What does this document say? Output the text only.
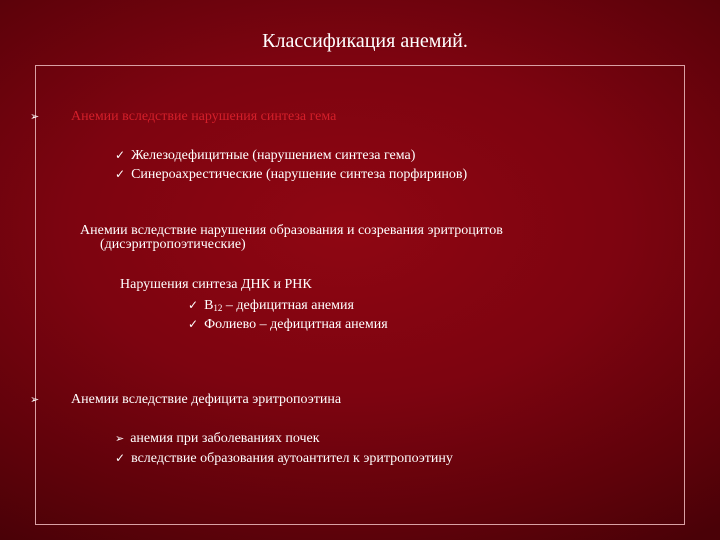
Классификация анемий.
➢ Анемии вследствие нарушения синтеза гема
✓ Железодефицитные (нарушением синтеза гема)
✓ Синероахрестические (нарушение синтеза порфиринов)
Анемии вследствие нарушения образования и созревания эритроцитов
(дисэритропоэтические)
Нарушения синтеза ДНК и РНК
✓ $В_{12}$ – дефицитная анемия
✓ Фолиево – дефицитная анемия
➢ Анемии вследствие дефицита эритропоэтина
➢ анемия при заболеваниях почек
✓ вследствие образования аутоантител к эритропоэтину
